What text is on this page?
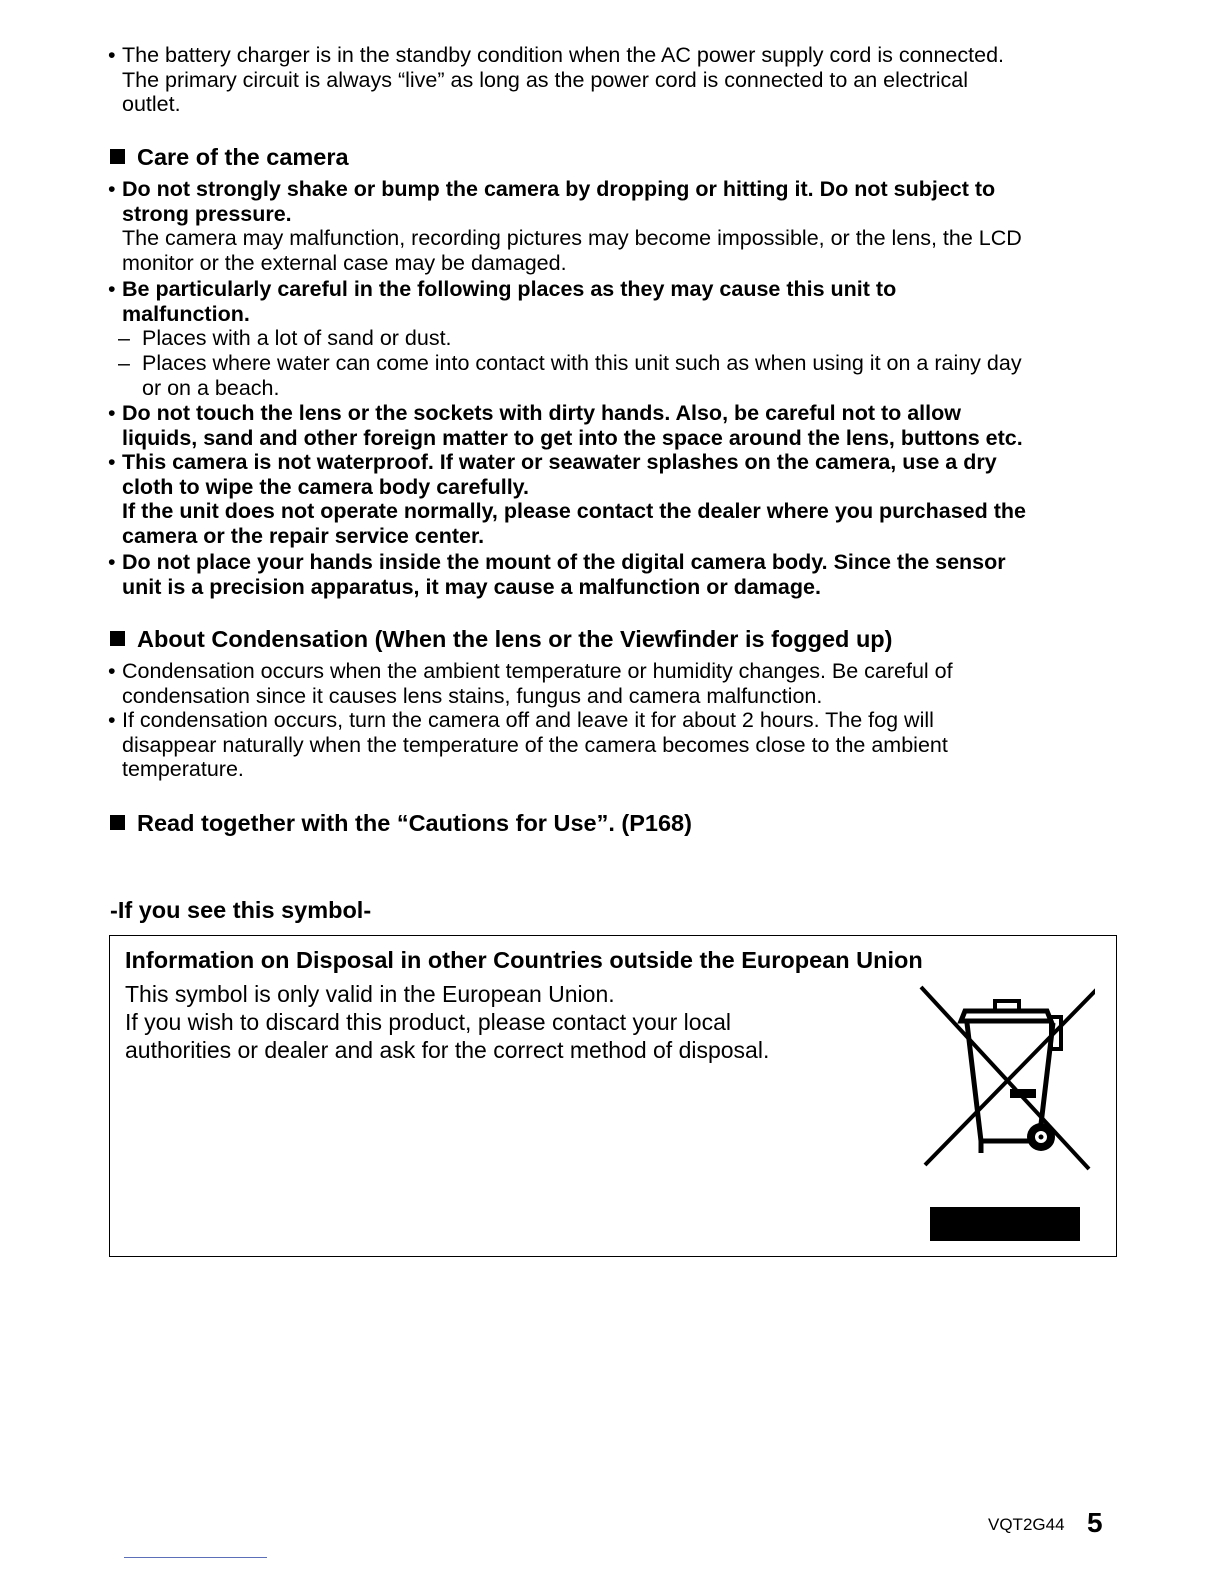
• The battery charger is in the standby condition when the AC power supply cord is connected.
The primary circuit is always “live” as long as the power cord is connected to an electrical
outlet.
Care of the camera
• Do not strongly shake or bump the camera by dropping or hitting it. Do not subject to
strong pressure.
The camera may malfunction, recording pictures may become impossible, or the lens, the LCD
monitor or the external case may be damaged.
• Be particularly careful in the following places as they may cause this unit to
malfunction.
– Places with a lot of sand or dust.
– Places where water can come into contact with this unit such as when using it on a rainy day
or on a beach.
• Do not touch the lens or the sockets with dirty hands. Also, be careful not to allow
liquids, sand and other foreign matter to get into the space around the lens, buttons etc.
• This camera is not waterproof. If water or seawater splashes on the camera, use a dry
cloth to wipe the camera body carefully.
If the unit does not operate normally, please contact the dealer where you purchased the
camera or the repair service center.
• Do not place your hands inside the mount of the digital camera body. Since the sensor
unit is a precision apparatus, it may cause a malfunction or damage.
About Condensation (When the lens or the Viewfinder is fogged up)
• Condensation occurs when the ambient temperature or humidity changes. Be careful of
condensation since it causes lens stains, fungus and camera malfunction.
• If condensation occurs, turn the camera off and leave it for about 2 hours. The fog will
disappear naturally when the temperature of the camera becomes close to the ambient
temperature.
Read together with the “Cautions for Use”. (P168)
-If you see this symbol-
Information on Disposal in other Countries outside the European Union
This symbol is only valid in the European Union.
If you wish to discard this product, please contact your local
authorities or dealer and ask for the correct method of disposal.
VQT2G44 5
